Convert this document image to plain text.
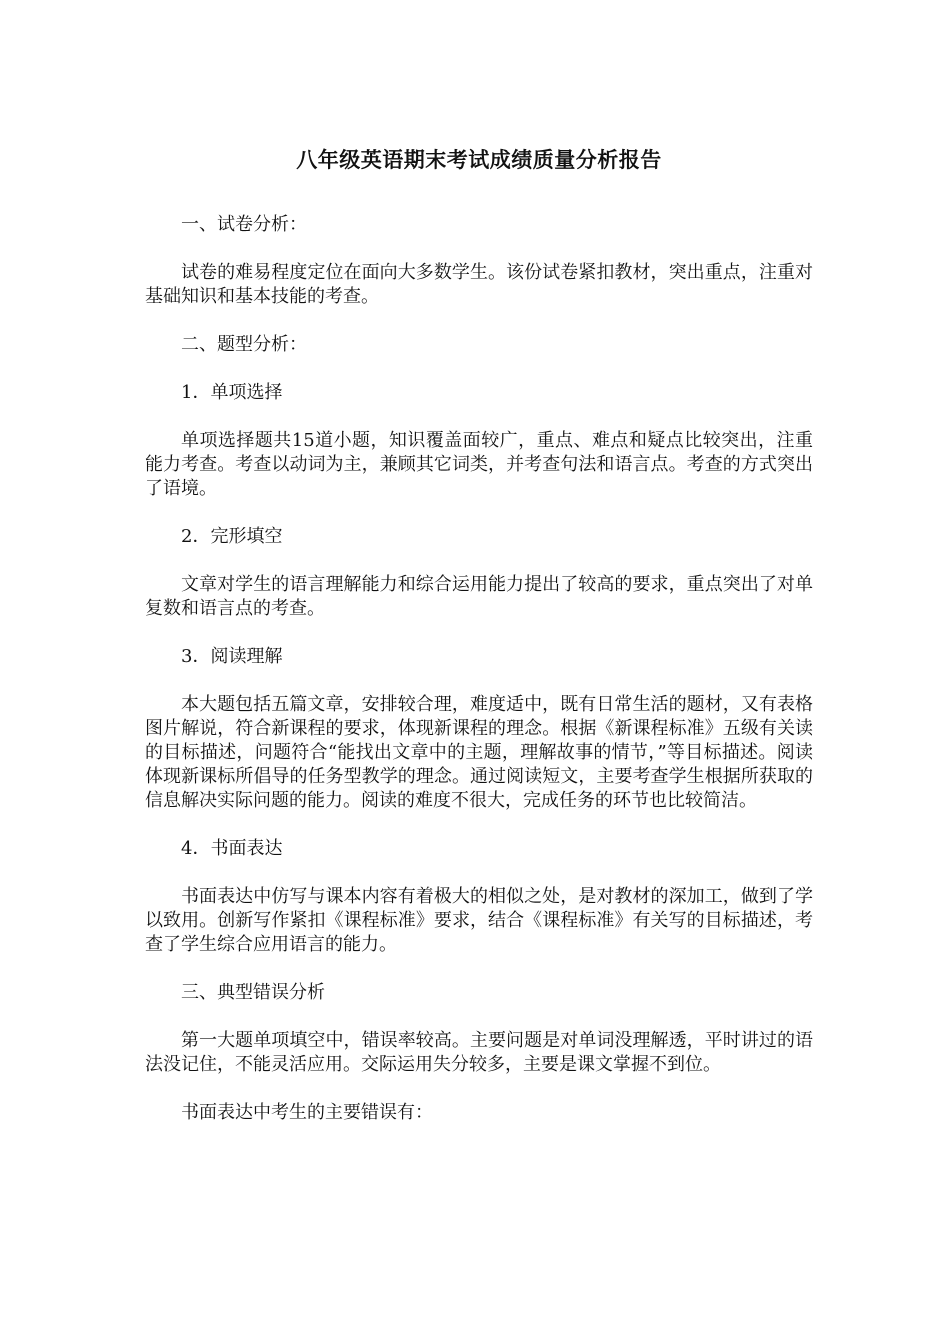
八年级英语期末考试成绩质量分析报告
一、试卷分析：
试卷的难易程度定位在面向大多数学生。该份试卷紧扣教材，突出重点，注重对基础知识和基本技能的考查。
二、题型分析：
1．单项选择
单项选择题共15道小题，知识覆盖面较广，重点、难点和疑点比较突出，注重能力考查。考查以动词为主，兼顾其它词类，并考查句法和语言点。考查的方式突出了语境。
2．完形填空
文章对学生的语言理解能力和综合运用能力提出了较高的要求，重点突出了对单复数和语言点的考查。
3．阅读理解
本大题包括五篇文章，安排较合理，难度适中，既有日常生活的题材，又有表格图片解说，符合新课程的要求，体现新课程的理念。根据《新课程标准》五级有关读的目标描述，问题符合“能找出文章中的主题，理解故事的情节，”等目标描述。阅读体现新课标所倡导的任务型教学的理念。通过阅读短文，主要考查学生根据所获取的信息解决实际问题的能力。阅读的难度不很大，完成任务的环节也比较简洁。
4．书面表达
书面表达中仿写与课本内容有着极大的相似之处，是对教材的深加工，做到了学以致用。创新写作紧扣《课程标准》要求，结合《课程标准》有关写的目标描述，考查了学生综合应用语言的能力。
三、典型错误分析
第一大题单项填空中，错误率较高。主要问题是对单词没理解透，平时讲过的语法没记住，不能灵活应用。交际运用失分较多，主要是课文掌握不到位。
书面表达中考生的主要错误有：
